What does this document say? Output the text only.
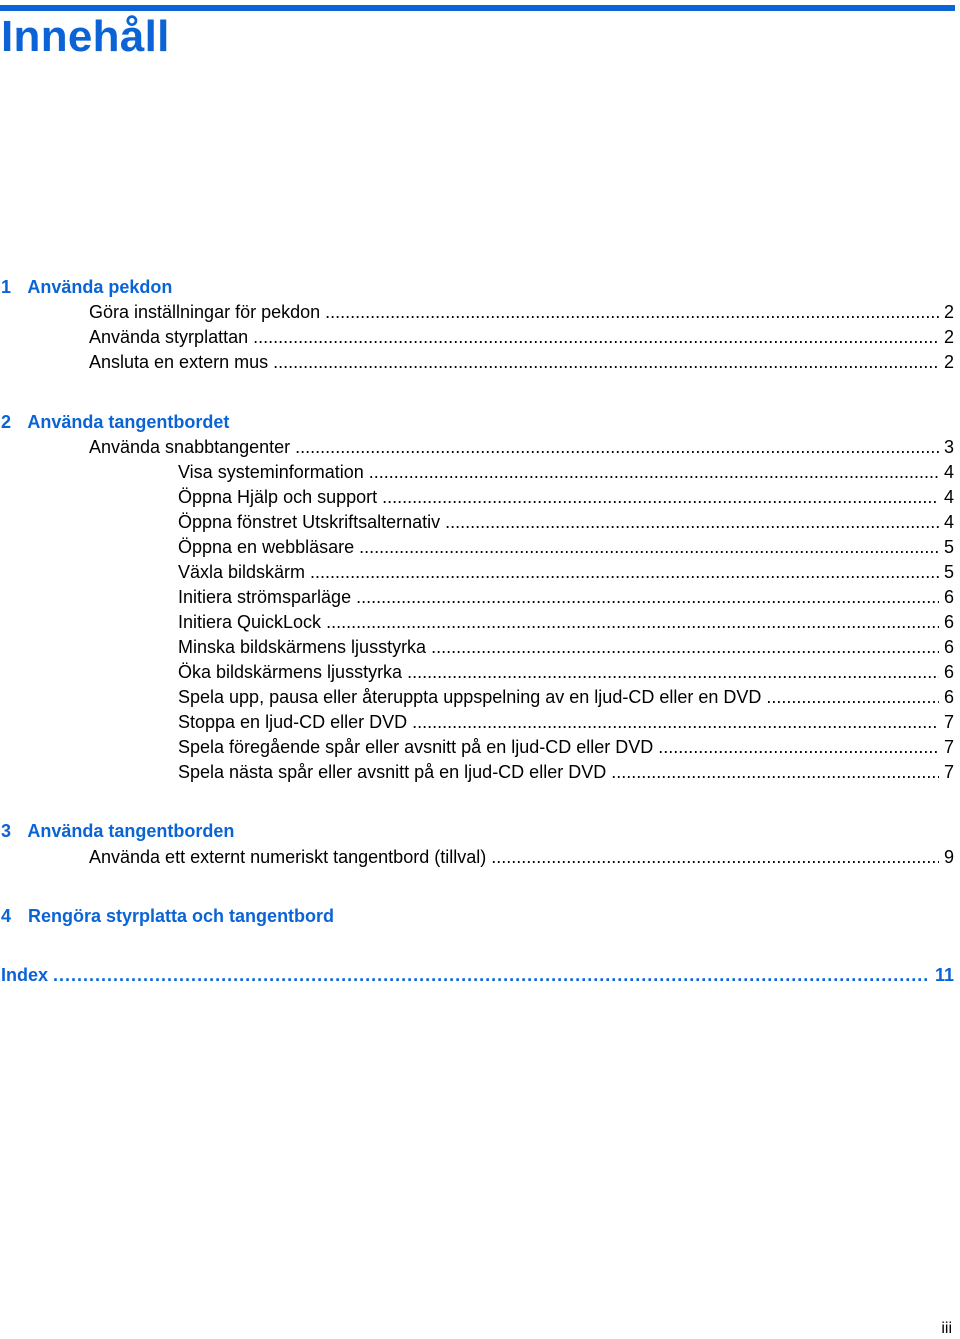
Innehåll
1 Använda pekdon
Göra inställningar för pekdon . . .	2
Använda styrplattan . . .	2
Ansluta en extern mus . . .	2
2 Använda tangentbordet
Använda snabbtangenter . . .	3
Visa systeminformation . . .	4
Öppna Hjälp och support . . .	4
Öppna fönstret Utskriftsalternativ . . .	4
Öppna en webbläsare . . .	5
Växla bildskärm . . .	5
Initiera strömsparläge . . .	6
Initiera QuickLock . . .	6
Minska bildskärmens ljusstyrka . . .	6
Öka bildskärmens ljusstyrka . . .	6
Spela upp, pausa eller återuppta uppspelning av en ljud-CD eller en DVD . . .	6
Stoppa en ljud-CD eller DVD . . .	7
Spela föregående spår eller avsnitt på en ljud-CD eller DVD . . .	7
Spela nästa spår eller avsnitt på en ljud-CD eller DVD . . .	7
3 Använda tangentborden
Använda ett externt numeriskt tangentbord (tillval) . . .	9
4 Rengöra styrplatta och tangentbord
Index . . .	11
iii
